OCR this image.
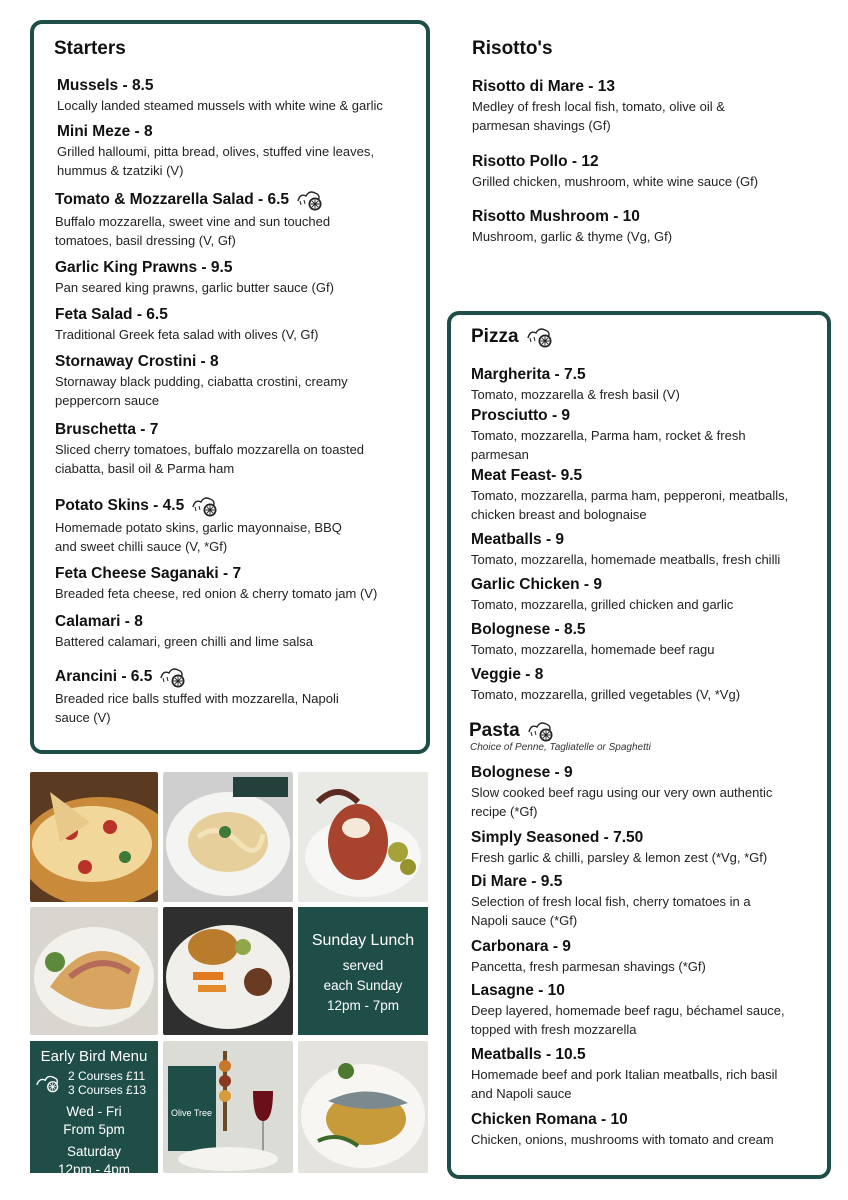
Starters
Mussels - 8.5
Locally landed steamed mussels with white wine & garlic
Mini Meze - 8
Grilled halloumi, pitta bread, olives, stuffed vine leaves,
hummus & tzatziki (V)
Tomato & Mozzarella Salad - 6.5
Buffalo mozzarella, sweet vine and sun touched
tomatoes, basil dressing (V, Gf)
Garlic King Prawns - 9.5
Pan seared king prawns, garlic butter sauce (Gf)
Feta Salad - 6.5
Traditional Greek feta salad with olives (V, Gf)
Stornaway Crostini - 8
Stornaway black pudding, ciabatta crostini, creamy
peppercorn sauce
Bruschetta - 7
Sliced cherry tomatoes, buffalo mozzarella on toasted
ciabatta, basil oil & Parma ham
Potato Skins - 4.5
Homemade potato skins, garlic mayonnaise, BBQ
and sweet chilli sauce (V, *Gf)
Feta Cheese Saganaki - 7
Breaded feta cheese, red onion & cherry tomato jam (V)
Calamari - 8
Battered calamari, green chilli and lime salsa
Arancini - 6.5
Breaded rice balls stuffed with mozzarella, Napoli
sauce (V)
Risotto's
Risotto di Mare - 13
Medley of fresh local fish, tomato, olive oil &
parmesan shavings (Gf)
Risotto Pollo - 12
Grilled chicken, mushroom, white wine sauce (Gf)
Risotto Mushroom - 10
Mushroom, garlic & thyme (Vg, Gf)
Pizza
Margherita - 7.5
Tomato, mozzarella & fresh basil (V)
Prosciutto - 9
Tomato, mozzarella, Parma ham, rocket & fresh
parmesan
Meat Feast- 9.5
Tomato, mozzarella, parma ham, pepperoni, meatballs,
chicken breast and bolognaise
Meatballs - 9
Tomato, mozzarella, homemade meatballs, fresh chilli
Garlic Chicken - 9
Tomato, mozzarella, grilled chicken and garlic
Bolognese - 8.5
Tomato, mozzarella, homemade beef ragu
Veggie - 8
Tomato, mozzarella, grilled vegetables (V, *Vg)
Pasta
Choice of Penne, Tagliatelle or Spaghetti
Bolognese - 9
Slow cooked beef ragu using our very own authentic
recipe (*Gf)
Simply Seasoned - 7.50
Fresh garlic & chilli, parsley & lemon zest (*Vg, *Gf)
Di Mare - 9.5
Selection of fresh local fish, cherry tomatoes in a
Napoli sauce (*Gf)
Carbonara - 9
Pancetta, fresh parmesan shavings (*Gf)
Lasagne - 10
Deep layered, homemade beef ragu, béchamel sauce,
topped with fresh mozzarella
Meatballs - 10.5
Homemade beef and pork Italian meatballs, rich basil
and Napoli sauce
Chicken Romana - 10
Chicken, onions, mushrooms with tomato and cream
Sunday Lunch
served
each Sunday
12pm - 7pm
Early Bird Menu
2 Courses £11
3 Courses £13
Wed - Fri
From 5pm
Saturday
12pm - 4pm
Olive Tree
